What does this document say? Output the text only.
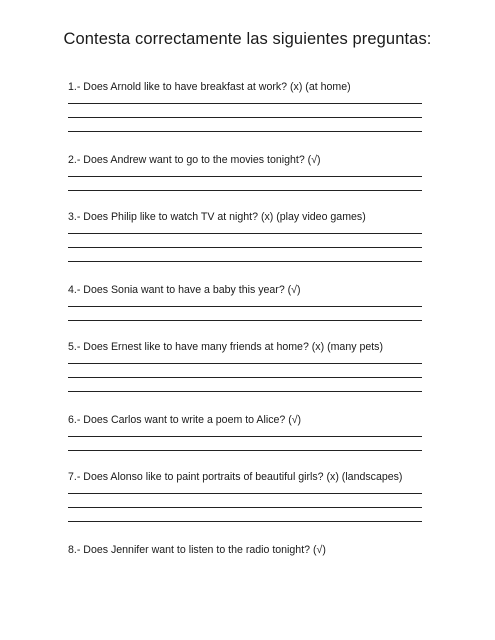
Contesta correctamente las siguientes preguntas:
1.- Does Arnold like to have breakfast at work? (x) (at home)
2.- Does Andrew want to go to the movies tonight? (√)
3.- Does Philip like to watch TV at night? (x) (play video games)
4.- Does Sonia want to have a baby this year? (√)
5.- Does Ernest like to have many friends at home? (x) (many pets)
6.- Does Carlos want to write a poem to Alice? (√)
7.- Does Alonso like to paint portraits of beautiful girls? (x) (landscapes)
8.- Does Jennifer want to listen to the radio tonight? (√)
